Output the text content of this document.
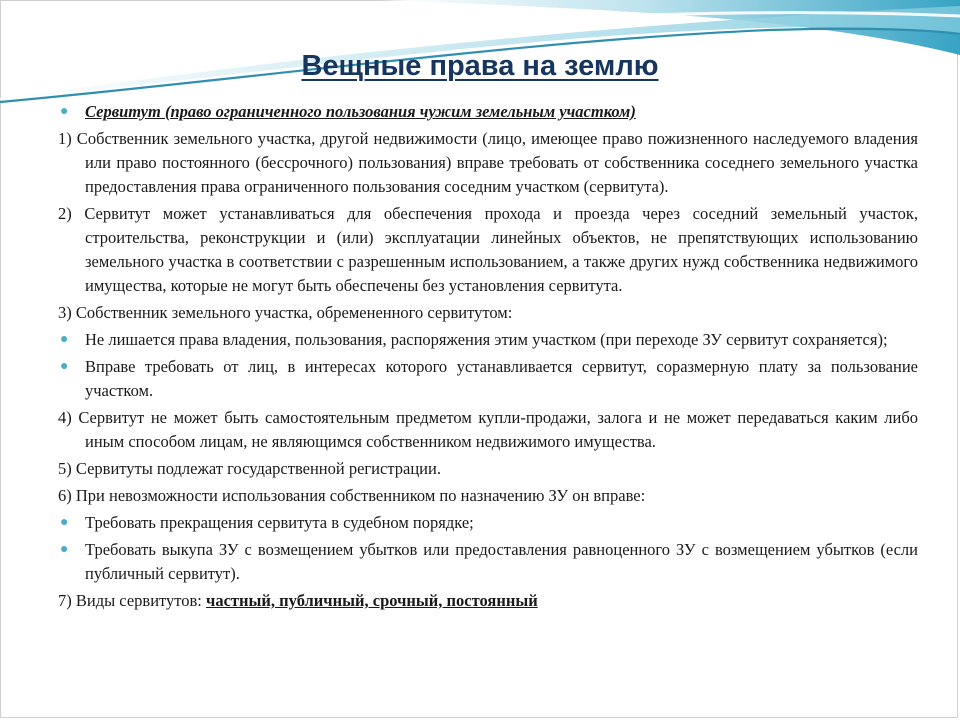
Вещные права на землю
● Сервитут (право ограниченного пользования чужим земельным участком)
1) Собственник земельного участка, другой недвижимости (лицо, имеющее право пожизненного наследуемого владения или право постоянного (бессрочного) пользования) вправе требовать от собственника соседнего земельного участка предоставления права ограниченного пользования соседним участком (сервитута).
2) Сервитут может устанавливаться для обеспечения прохода и проезда через соседний земельный участок, строительства, реконструкции и (или) эксплуатации линейных объектов, не препятствующих использованию земельного участка в соответствии с разрешенным использованием, а также других нужд собственника недвижимого имущества, которые не могут быть обеспечены без установления сервитута.
3) Собственник земельного участка, обремененного сервитутом:
● Не лишается права владения, пользования, распоряжения этим участком (при переходе ЗУ сервитут сохраняется);
● Вправе требовать от лиц, в интересах которого устанавливается сервитут, соразмерную плату за пользование участком.
4) Сервитут не может быть самостоятельным предметом купли-продажи, залога и не может передаваться каким либо иным способом лицам, не являющимся собственником недвижимого имущества.
5) Сервитуты подлежат государственной регистрации.
6) При невозможности использования собственником по назначению ЗУ он вправе:
● Требовать прекращения сервитута в судебном порядке;
● Требовать выкупа ЗУ с возмещением убытков или предоставления равноценного ЗУ с возмещением убытков (если публичный сервитут).
7) Виды сервитутов: частный, публичный, срочный, постоянный
